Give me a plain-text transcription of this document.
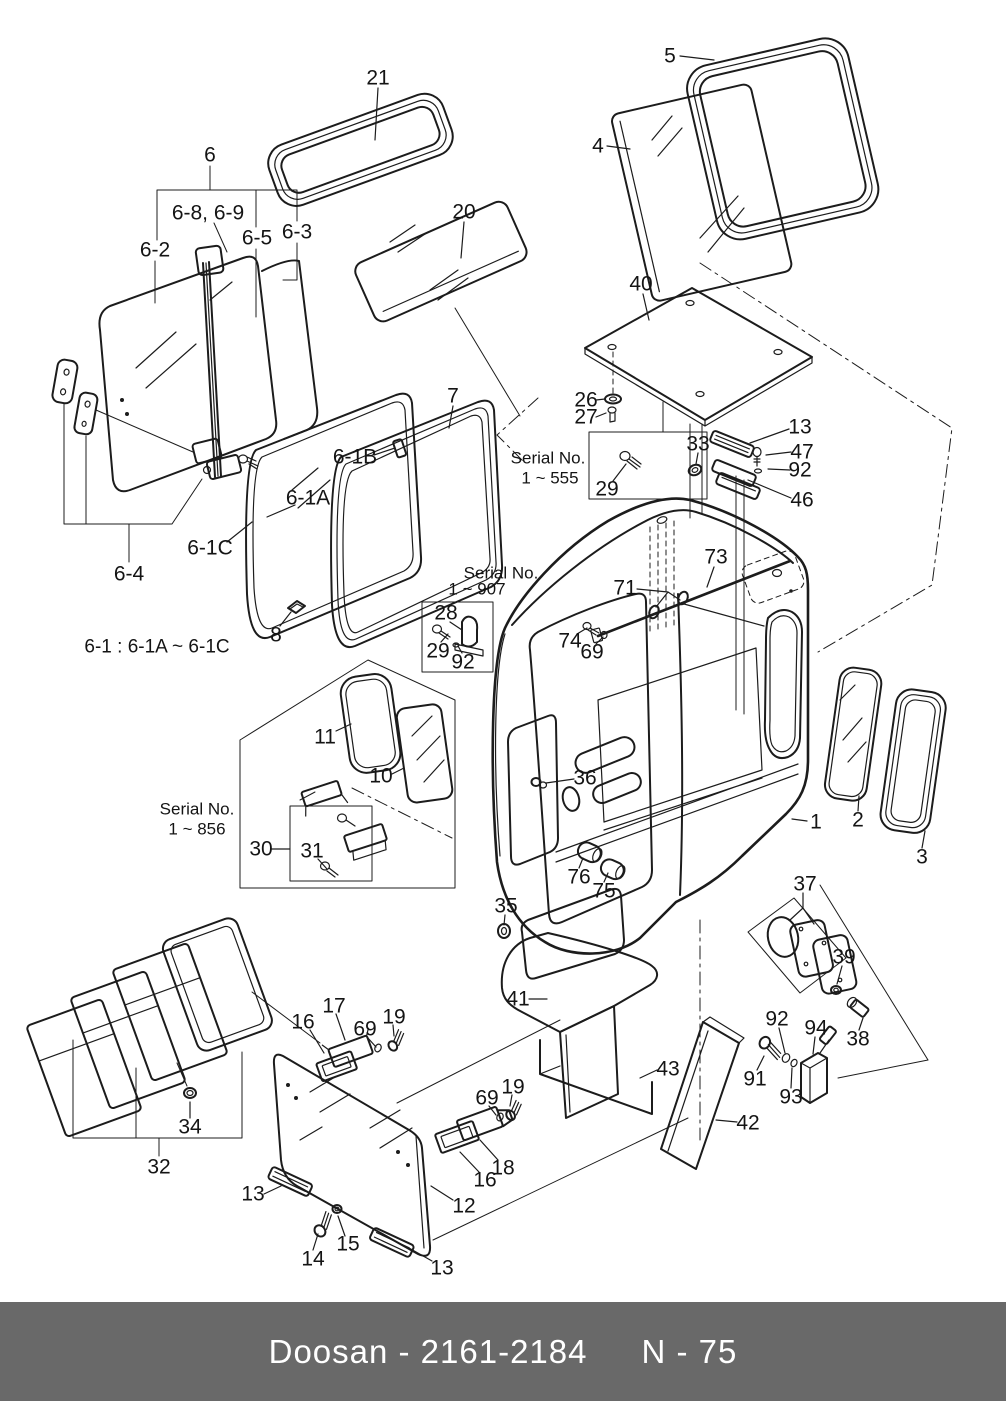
21
5
4
6
6-8, 6-9
6-5 6-3
6-2
20
40
26
27
Serial No.
1 ~ 555 29
33
13
47
92
46
7
6-1B
6-1A
6-1C
6-4
8
6-1 : 6-1A ~ 6-1C
Serial No.
1 ~ 907
28
29 92
74
69
71
73
11
10
Serial No.
1 ~ 856
30 31
36
1 2
3
76
75
35
37
39
38
92 94
91
93
42
43
41
34
32
16
17
69
19
69 19
18
16
12
13
15
14	13
Doosan - 2161-2184 N - 75
